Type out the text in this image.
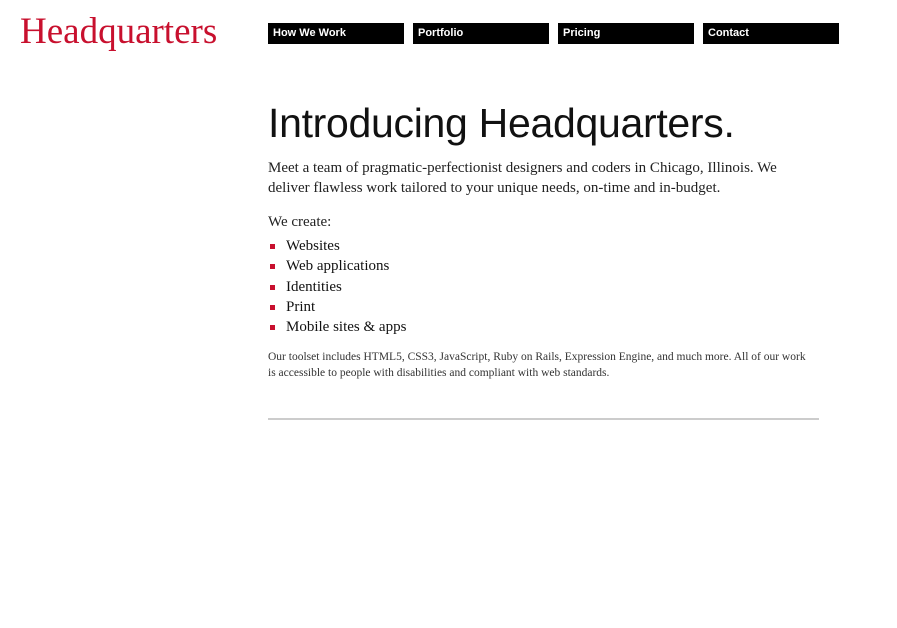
Headquarters	How We Work	Portfolio	Pricing	Contact
Introducing Headquarters.

Meet a team of pragmatic-perfectionist designers and coders in Chicago, Illinois. We deliver flawless work tailored to your unique needs, on-time and in-budget.

We create:

Websites
Web applications
Identities
Print
Mobile sites & apps

Our toolset includes HTML5, CSS3, JavaScript, Ruby on Rails, Expression Engine, and much more. All of our work is accessible to people with disabilities and compliant with web standards.
